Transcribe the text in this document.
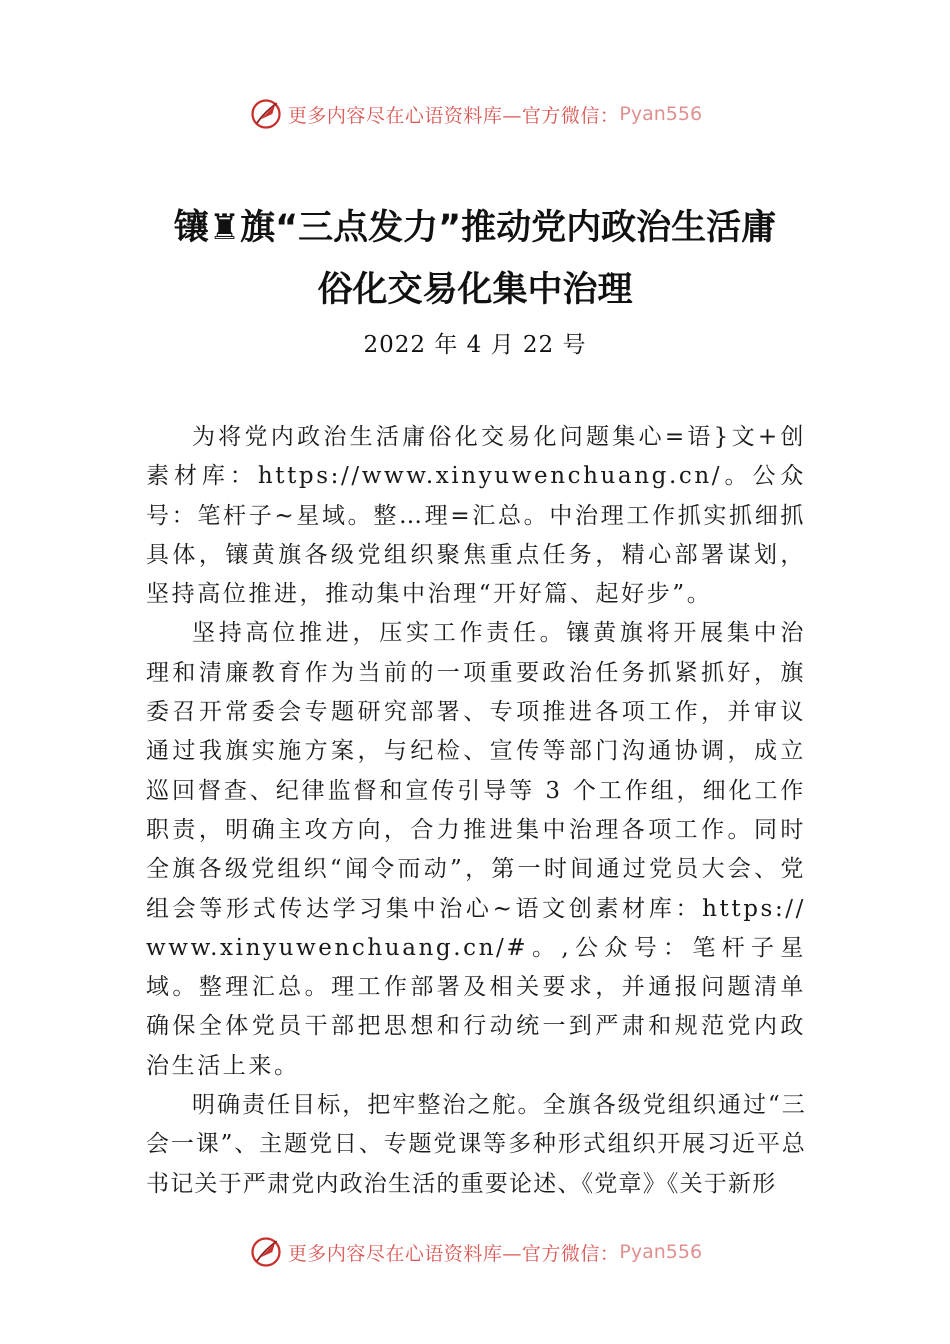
更多内容尽在心语资料库—官方微信： Pyan556
镶♜旗“三点发力”推动党内政治生活庸
俗化交易化集中治理
2022 年 4 月 22 号

为将党内政治生活庸俗化交易化问题集心=语}文+创素材库：https://www.xinyuwenchuang.cn/。公众号：笔杆子~星域。整…理=汇总。中治理工作抓实抓细抓具体，镶黄旗各级党组织聚焦重点任务，精心部署谋划，坚持高位推进，推动集中治理“开好篇、起好步”。

坚持高位推进，压实工作责任。镶黄旗将开展集中治理和清廉教育作为当前的一项重要政治任务抓紧抓好，旗委召开常委会专题研究部署、专项推进各项工作，并审议通过我旗实施方案，与纪检、宣传等部门沟通协调，成立巡回督查、纪律监督和宣传引导等 3 个工作组，细化工作职责，明确主攻方向，合力推进集中治理各项工作。同时全旗各级党组织“闻令而动”，第一时间通过党员大会、党组会等形式传达学习集中治心~语文创素材库：https://www.xinyuwenchuang.cn/#。,公众号：笔杆子星域。整理汇总。理工作部署及相关要求，并通报问题清单确保全体党员干部把思想和行动统一到严肃和规范党内政治生活上来。

明确责任目标，把牢整治之舵。全旗各级党组织通过“三会一课”、主题党日、专题党课等多种形式组织开展习近平总书记关于严肃党内政治生活的重要论述、《党章》《关于新形

更多内容尽在心语资料库—官方微信： Pyan556
